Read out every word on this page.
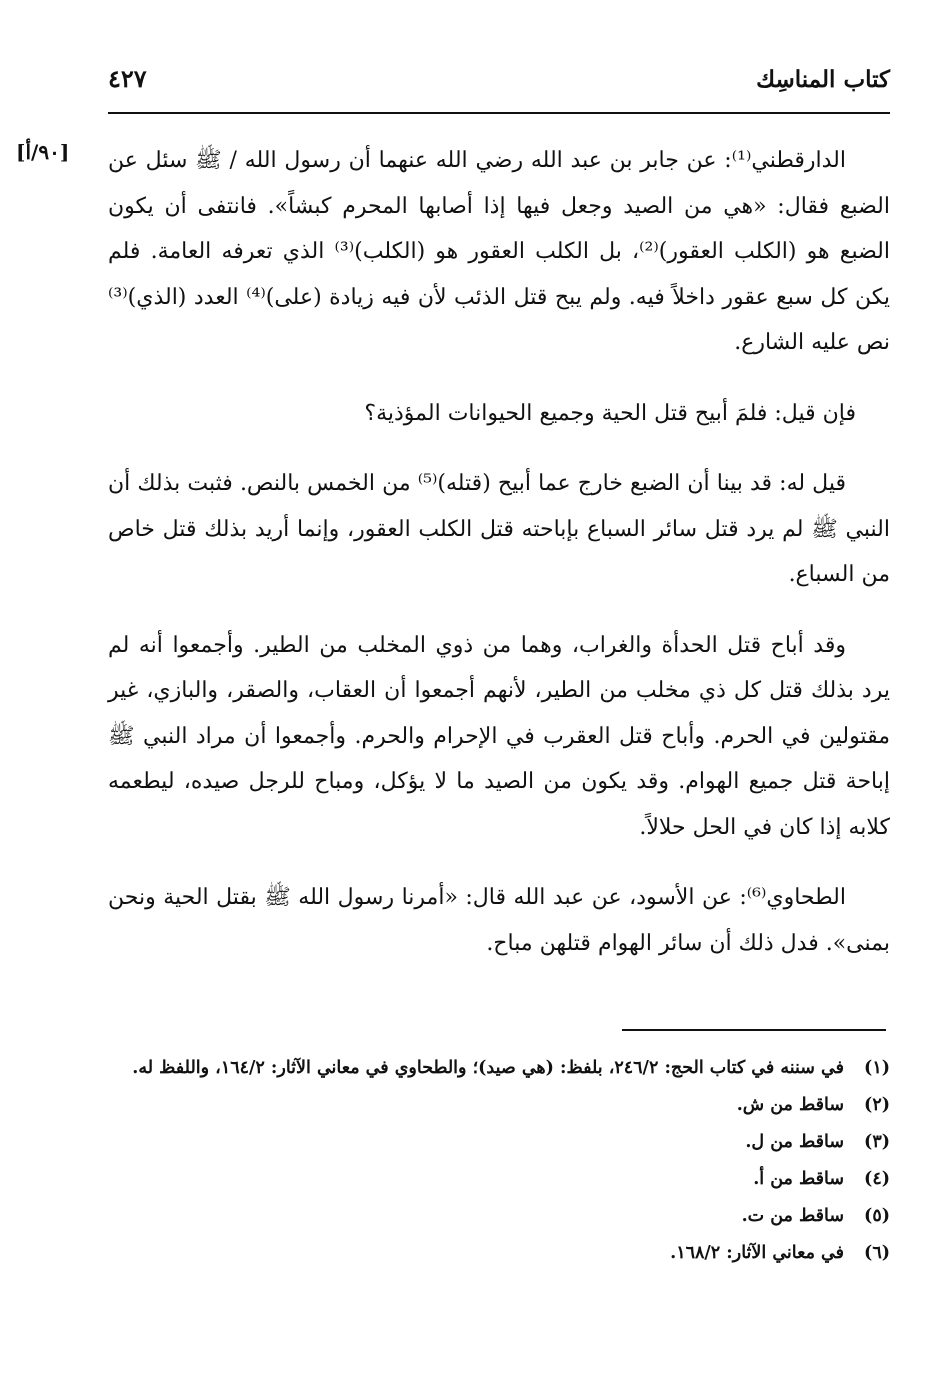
٤٢٧	كتاب المناسِك
[٩٠/أ] الدارقطني⁽¹⁾: عن جابر بن عبد الله رضي الله عنهما أن رسول الله / ﷺ سئل عن الضبع فقال: «هي من الصيد وجعل فيها إذا أصابها المحرم كبشاً». فانتفى أن يكون الضبع هو (الكلب العقور)⁽²⁾، بل الكلب العقور هو (الكلب)⁽³⁾ الذي تعرفه العامة. فلم يكن كل سبع عقور داخلاً فيه. ولم يبح قتل الذئب لأن فيه زيادة (على)⁽⁴⁾ العدد (الذي)⁽³⁾ نص عليه الشارع.

فإن قيل: فلمَ أبيح قتل الحية وجميع الحيوانات المؤذية؟

قيل له: قد بينا أن الضبع خارج عما أبيح (قتله)⁽⁵⁾ من الخمس بالنص. فثبت بذلك أن النبي ﷺ لم يرد قتل سائر السباع بإباحته قتل الكلب العقور، وإنما أريد بذلك قتل خاص من السباع.

وقد أباح قتل الحدأة والغراب، وهما من ذوي المخلب من الطير. وأجمعوا أنه لم يرد بذلك قتل كل ذي مخلب من الطير، لأنهم أجمعوا أن العقاب، والصقر، والبازي، غير مقتولين في الحرم. وأباح قتل العقرب في الإحرام والحرم. وأجمعوا أن مراد النبي ﷺ إباحة قتل جميع الهوام. وقد يكون من الصيد ما لا يؤكل، ومباح للرجل صيده، ليطعمه كلابه إذا كان في الحل حلالاً.

الطحاوي⁽⁶⁾: عن الأسود، عن عبد الله قال: «أمرنا رسول الله ﷺ بقتل الحية ونحن بمنى». فدل ذلك أن سائر الهوام قتلهن مباح.

(١)
في سننه في كتاب الحج: ٢٤٦/٢، بلفظ: (هي صيد)؛ والطحاوي في معاني الآثار: ١٦٤/٢، واللفظ له.
(٢)
ساقط من ش.
(٣)
ساقط من ل.
(٤)
ساقط من أ.
(٥)
ساقط من ت.
(٦)
في معاني الآثار: ١٦٨/٢.
